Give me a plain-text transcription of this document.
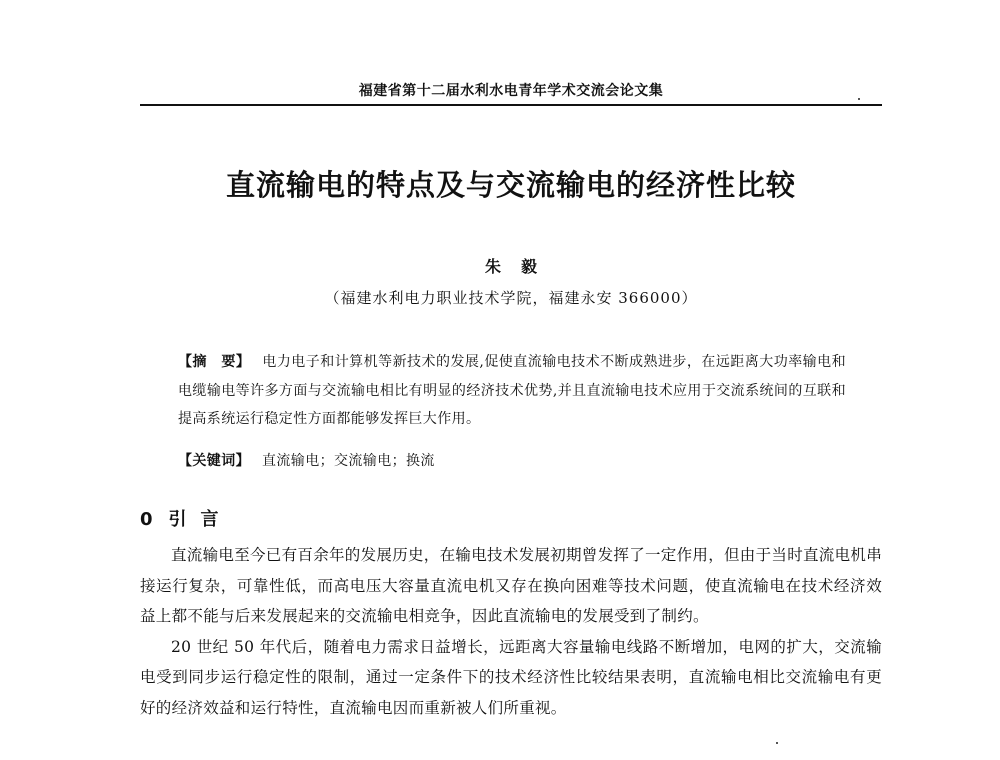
福建省第十二届水利水电青年学术交流会论文集
直流输电的特点及与交流输电的经济性比较
朱毅
（福建水利电力职业技术学院，福建永安 366000）
【摘　要】 电力电子和计算机等新技术的发展,促使直流输电技术不断成熟进步，在远距离大功率输电和电缆输电等许多方面与交流输电相比有明显的经济技术优势,并且直流输电技术应用于交流系统间的互联和提高系统运行稳定性方面都能够发挥巨大作用。
【关键词】 直流输电；交流输电；换流
0 引言

直流输电至今已有百余年的发展历史，在输电技术发展初期曾发挥了一定作用，但由于当时直流电机串接运行复杂，可靠性低，而高电压大容量直流电机又存在换向困难等技术问题，使直流输电在技术经济效益上都不能与后来发展起来的交流输电相竞争，因此直流输电的发展受到了制约。

20 世纪 50 年代后，随着电力需求日益增长，远距离大容量输电线路不断增加，电网的扩大，交流输电受到同步运行稳定性的限制，通过一定条件下的技术经济性比较结果表明，直流输电相比交流输电有更好的经济效益和运行特性，直流输电因而重新被人们所重视。
